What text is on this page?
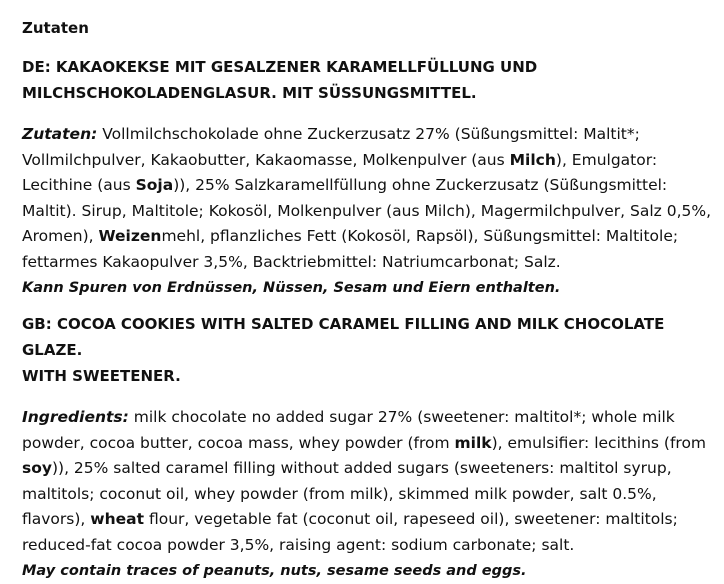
Zutaten
DE: KAKAOKEKSE MIT GESALZENER KARAMELLFÜLLUNG UND
MILCHSCHOKOLADENGLASUR. MIT SÜSSUNGSMITTEL.
Zutaten: Vollmilchschokolade ohne Zuckerzusatz 27% (Süßungsmittel: Maltit*; Vollmilchpulver, Kakaobutter, Kakaomasse, Molkenpulver (aus Milch), Emulgator: Lecithine (aus Soja)), 25% Salzkaramellfüllung ohne Zuckerzusatz (Süßungsmittel: Maltit). Sirup, Maltitole; Kokosöl, Molkenpulver (aus Milch), Magermilchpulver, Salz 0,5%, Aromen), Weizenmehl, pflanzliches Fett (Kokosöl, Rapsöl), Süßungsmittel: Maltitole; fettarmes Kakaopulver 3,5%, Backtriebmittel: Natriumcarbonat; Salz.
Kann Spuren von Erdnüssen, Nüssen, Sesam und Eiern enthalten.
GB: COCOA COOKIES WITH SALTED CARAMEL FILLING AND MILK CHOCOLATE GLAZE.
WITH SWEETENER.
Ingredients: milk chocolate no added sugar 27% (sweetener: maltitol*; whole milk powder, cocoa butter, cocoa mass, whey powder (from milk), emulsifier: lecithins (from soy)), 25% salted caramel filling without added sugars (sweeteners: maltitol syrup, maltitols; coconut oil, whey powder (from milk), skimmed milk powder, salt 0.5%, flavors), wheat flour, vegetable fat (coconut oil, rapeseed oil), sweetener: maltitols; reduced-fat cocoa powder 3,5%, raising agent: sodium carbonate; salt.
May contain traces of peanuts, nuts, sesame seeds and eggs.
